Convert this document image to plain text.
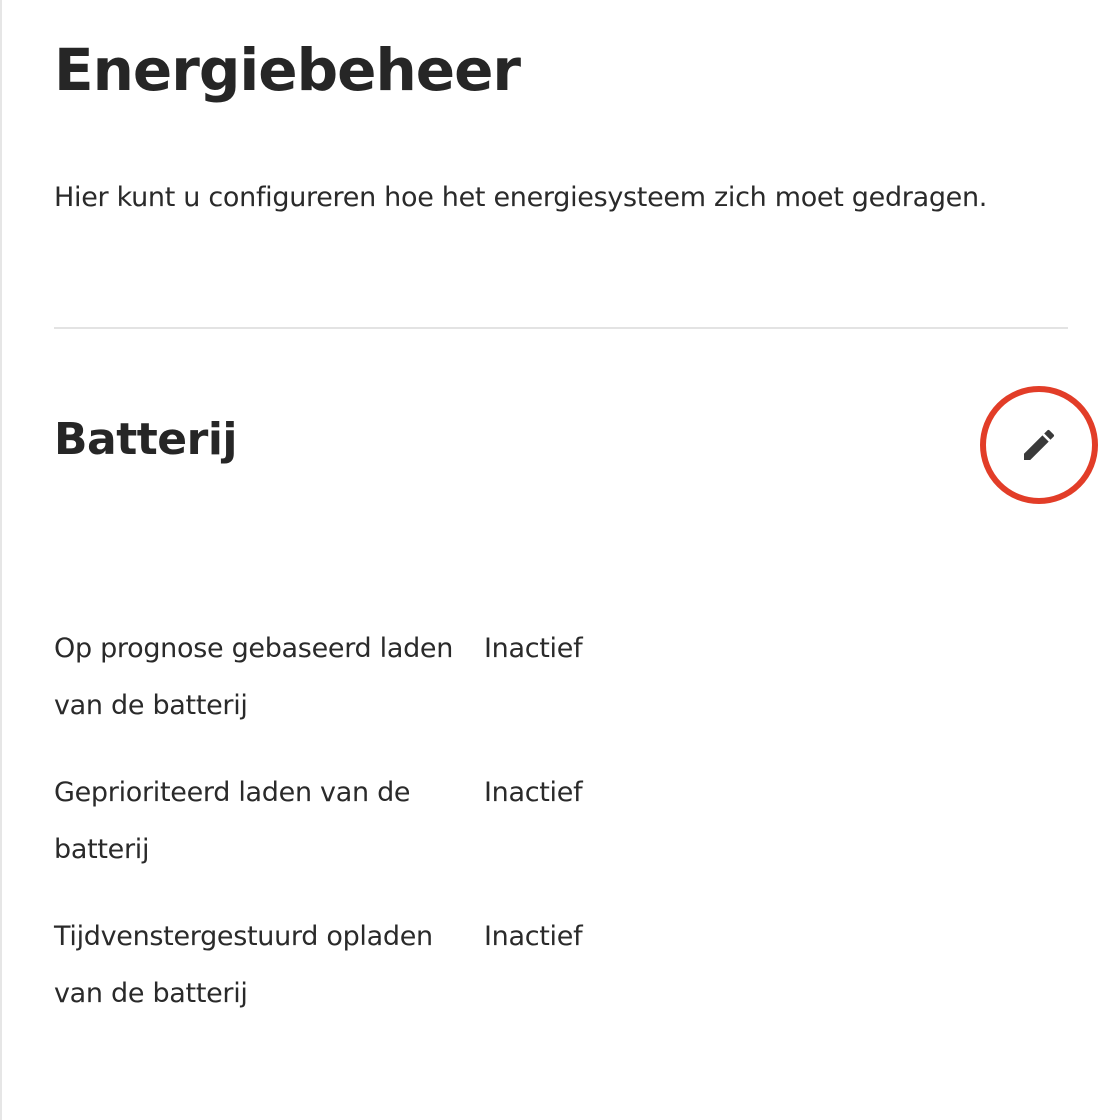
Energiebeheer

Hier kunt u configureren hoe het energiesysteem zich moet gedragen.

Batterij
Op prognose gebaseerd laden van de batterij
Inactief
Geprioriteerd laden van de batterij
Inactief
Tijdvenstergestuurd opladen van de batterij
Inactief
